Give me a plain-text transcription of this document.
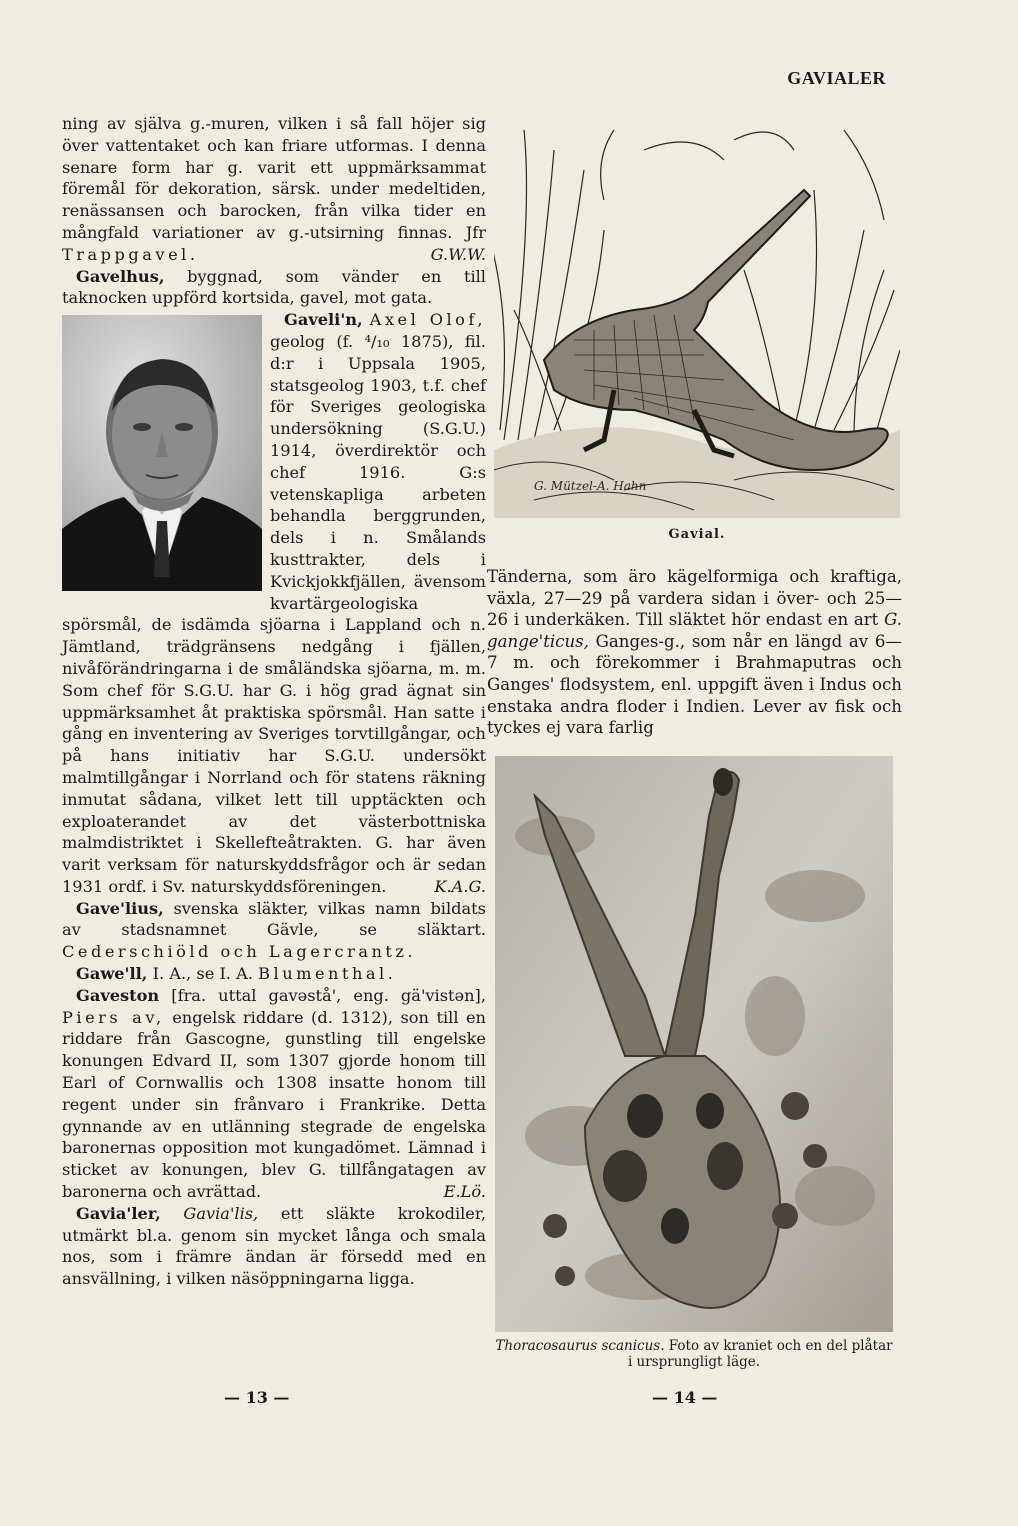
GAVIALER

ning av själva g.-muren, vilken i så fall höjer sig över vattentaket och kan friare utformas. I denna senare form har g. varit ett uppmärksammat föremål för dekoration, särsk. under medeltiden, renässansen och barocken, från vilka tider en mångfald variationer av g.-utsirning finnas. Jfr Trappgavel.	G.W.W.

Gavelhus, byggnad, som vänder en till taknocken uppförd kortsida, gavel, mot gata.

Gaveli'n, Axel Olof,
geolog (f. ⁴/₁₀ 1875), fil. d:r i Uppsala 1905, statsgeolog 1903, t.f. chef för Sveriges geologiska undersökning (S.G.U.) 1914, överdirektör och chef 1916. G:s vetenskapliga arbeten behandla berggrunden, dels i n. Smålands kusttrakter, dels i Kvickjokkfjällen, ävensom kvartärgeologiska spörsmål, de isdämda sjöarna i Lappland och n. Jämtland, trädgränsens nedgång i fjällen, nivåförändringarna i de småländska sjöarna, m. m. Som chef för S.G.U. har G. i hög grad ägnat sin uppmärksamhet åt praktiska spörsmål. Han satte i gång en inventering av Sveriges torvtillgångar, och på hans initiativ har S.G.U. undersökt malmtillgångar i Norrland och för statens räkning inmutat sådana, vilket lett till upptäckten och exploaterandet av det västerbottniska malmdistriktet i Skellefteåtrakten. G. har även varit verksam för naturskyddsfrågor och är sedan 1931 ordf. i Sv. naturskyddsföreningen.	K.A.G.

Gave'lius, svenska släkter, vilkas namn bildats av stadsnamnet Gävle, se släktart. Cederschiöld och Lagercrantz.

Gawe'll, I. A., se I. A. Blumenthal.

Gaveston [fra. uttal gavəstå', eng. gä'vistən], Piers av, engelsk riddare (d. 1312), son till en riddare från Gascogne, gunstling till engelske konungen Edvard II, som 1307 gjorde honom till Earl of Cornwallis och 1308 insatte honom till regent under sin frånvaro i Frankrike. Detta gynnande av en utlänning stegrade de engelska baronernas opposition mot kungadömet. Lämnad i sticket av konungen, blev G. tillfångatagen av baronerna och avrättad.	E.Lö.

Gavia'ler, Gavia'lis, ett släkte krokodiler, utmärkt bl.a. genom sin mycket långa och smala nos, som i främre ändan är försedd med en ansvällning, i vilken näsöppningarna ligga.

G. Mützel-A. Hahn
Gavial.

Tänderna, som äro kägelformiga och kraftiga, växla, 27—29 på vardera sidan i över- och 25—26 i underkäken. Till släktet hör endast en art G. gange'ticus, Ganges-g., som når en längd av 6—7 m. och förekommer i Brahmaputras och Ganges' flodsystem, enl. uppgift även i Indus och enstaka andra floder i Indien. Lever av fisk och tyckes ej vara farlig

Thoracosaurus scanicus. Foto av kraniet och en del plåtar i ursprungligt läge.
— 13 —	— 14 —
